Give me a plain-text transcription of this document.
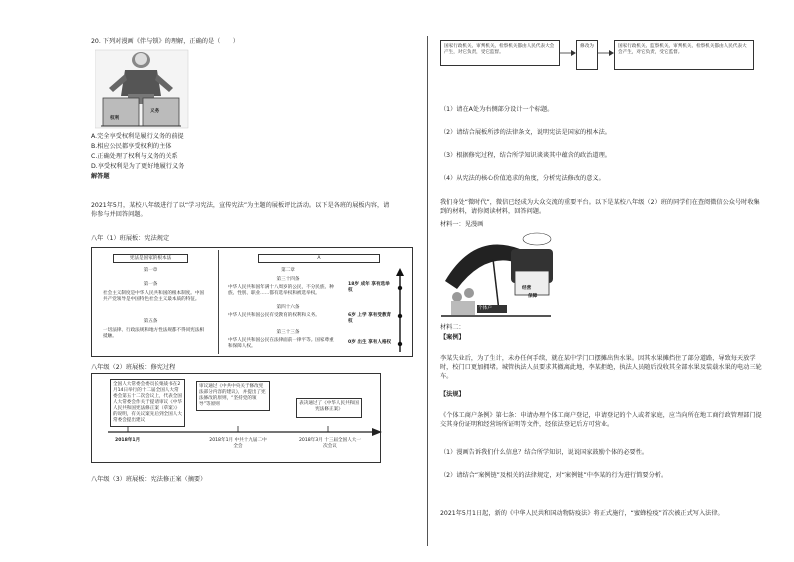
20. 下列对漫画《伴与锁》的理解，正确的是（　　）
权利
义务
A.完全享受权利是履行义务的前提
B.相应公民都享受权利的主体
C.正确处理了权利与义务的关系
D.享受权利是为了更好地履行义务
解答题
2021年5月，某校八年级进行了以“学习宪法，宣传宪法”为主题的展板评比活动。以下是各班的展板内容，请你参与并回答问题。
八年（1）班展板：宪法规定
宪法是国家的根本法
第一章
第一条
社会主义制度是中华人民共和国的根本制度。中国共产党领导是中国特色社会主义最本质的特征。
第五条
一切法律、行政法规和地方性法规都不得同宪法相抵触。
A
第二章
第三十四条
中华人民共和国年满十八周岁的公民，不分民族、种族、性别、职业……都有选举权和被选举权。
第四十六条
中华人民共和国公民有受教育的权利和义务。
第三十三条
中华人民共和国公民在法律面前一律平等。国家尊重和保障人权。
18岁 成年 享有选举权
6岁 上学 享有受教育权
0岁 出生 享有人格权
八年级（2）班展板：修宪过程
全国人大常委会委员长栗战书在2月14日举行的十二届全国人大常委会第五十二次会议上，代表全国人大常委会作关于提请审议《中华人民共和国宪法修正案（草案）》的说明，有关议案先后到全国人大常委会提出建议
审议通过《中共中央关于修改宪法部分内容的建议》，并提出了宪法修改的原则，“坚持党的领导”等原则	表决通过了《中华人民共和国宪法修正案》
2018年1月	2018年1月 中共十九届二中全会
2018年3月 十三届全国人大一次会议
八年级（3）班展板：宪法修正案（摘要）
国家行政机关、审判机关、检察机关都由人民代表大会产生，对它负责，受它监督。
修改为	国家行政机关、监察机关、审判机关、检察机关都由人民代表大会产生，对它负责，受它监督。
（1）请在A处为右侧部分设计一个标题。
（2）请结合展板所涉的法律条文，说明宪法是国家的根本法。
（3）根据修宪过程，结合所学知识谈谈其中蕴含的政治道理。
（4）从宪法的核心价值追求的角度，分析宪法修改的意义。
我们身处“微时代”，微信已经成为大众交流的重要平台。以下是某校八年级（2）班的同学们在查阅微信公众号时收集到的材料，请你阅读材料，回答问题。
材料一：见漫画
权利
经营
保障
个体户
材料二：
【案例】
李某失业后，为了生计，未办任何手续，就在某中学门口摆摊出售水果。因其水果摊挡住了部分道路，导致每天放学时，校门口更加拥堵。城管执法人员要求其撤离此地，李某拒绝，执法人员随后没收其全部水果及装载水果的电动三轮车。
【法规】
《个体工商户条例》第七条：申请办理个体工商户登记，申请登记的个人或者家庭，应当向所在地工商行政管理部门提交其身份证明和经营场所证明等文件，经依法登记后方可营业。
（1）漫画告诉我们什么信息？结合所学知识，说说国家鼓励个体的必要性。
（2）请结合“案例链”及相关的法律规定，对“案例链”中李某的行为进行简要分析。
2021年5月1日起，新的《中华人民共和国动物防疫法》将正式施行，“蜜蜂检疫”首次被正式写入法律。
